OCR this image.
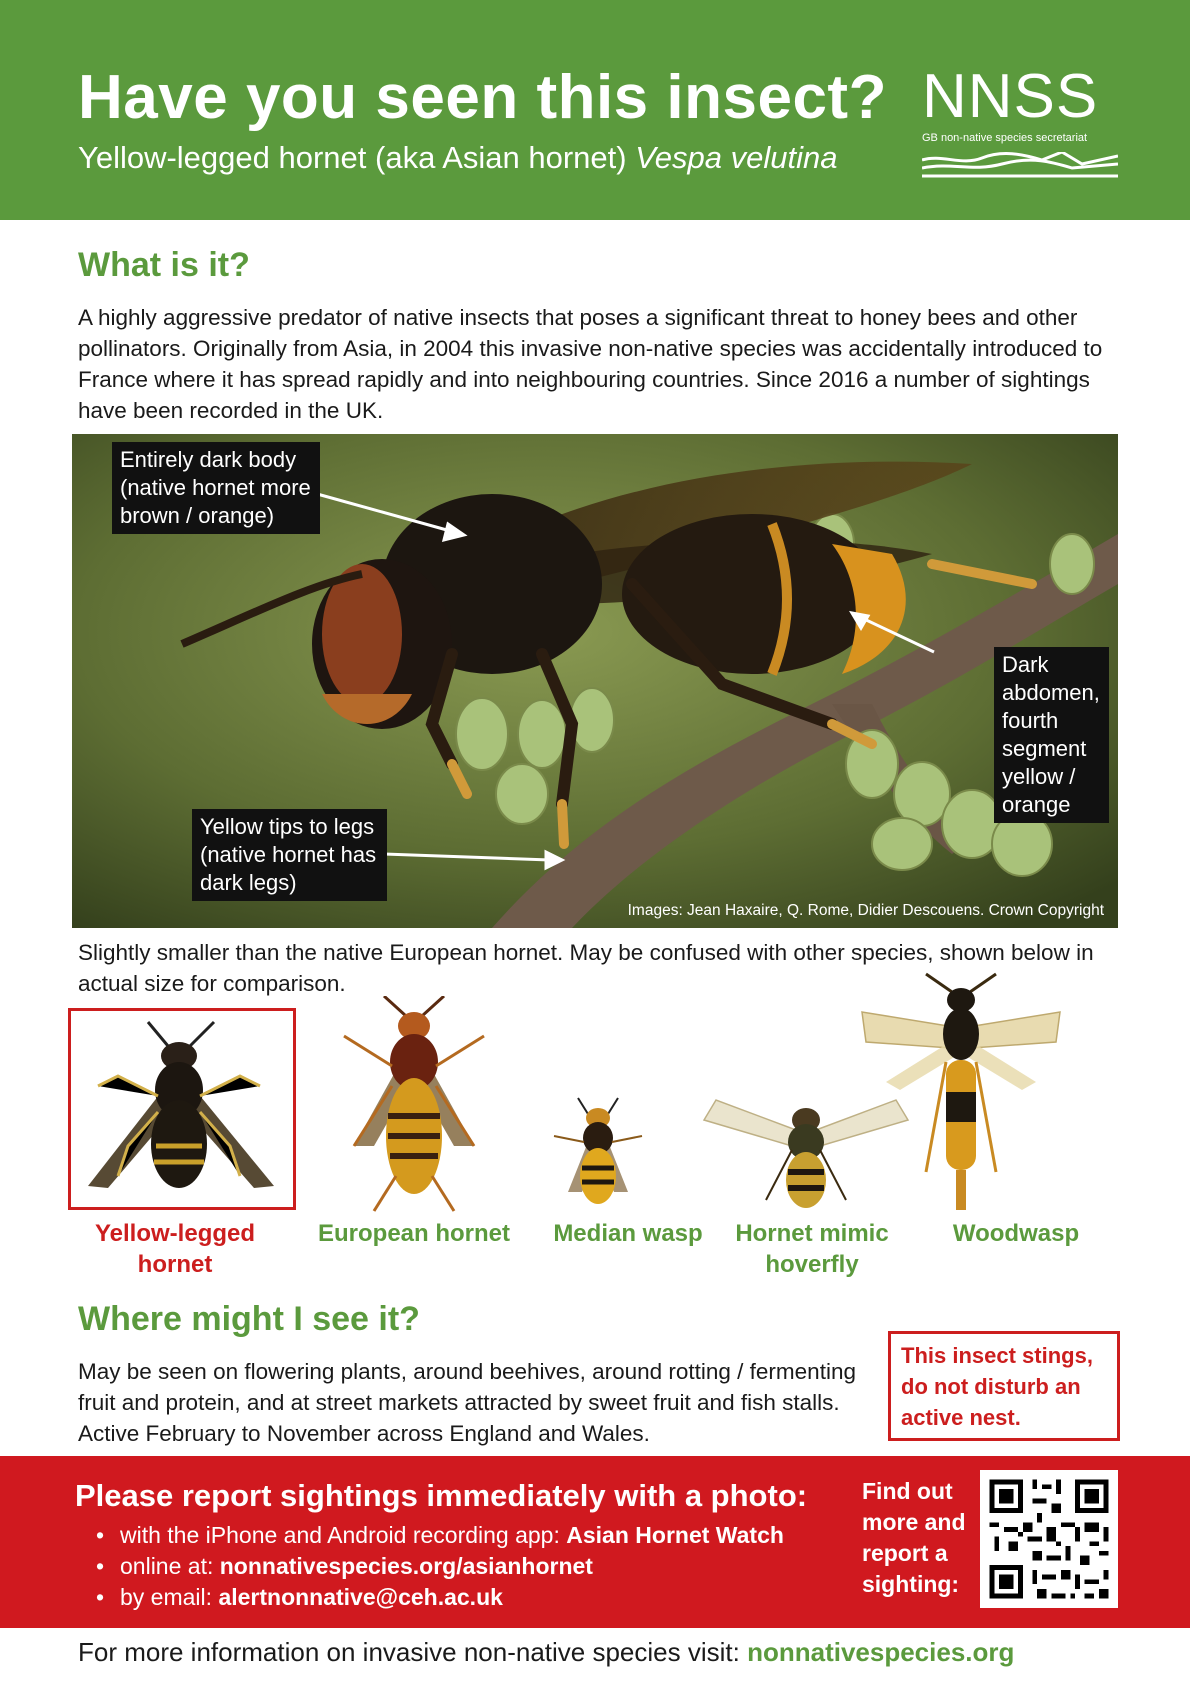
Have you seen this insect?
Yellow-legged hornet (aka Asian hornet) Vespa velutina
NNSS
GB non-native species secretariat
What is it?
A highly aggressive predator of native insects that poses a significant threat to honey bees and other pollinators. Originally from Asia, in 2004 this invasive non-native species was accidentally introduced to France where it has spread rapidly and into neighbouring countries. Since 2016 a number of sightings have been recorded in the UK.
Entirely dark body (native hornet more brown / orange)
Dark abdomen, fourth segment yellow / orange
Yellow tips to legs (native hornet has dark legs)
Images: Jean Haxaire, Q. Rome, Didier Descouens. Crown Copyright
Slightly smaller than the native European hornet. May be confused with other species, shown below in actual size for comparison.
Yellow-legged hornet
European hornet	Median wasp	Hornet mimic hoverfly
Woodwasp
Where might I see it?
May be seen on flowering plants, around beehives, around rotting / fermenting fruit and protein, and at street markets attracted by sweet fruit and fish stalls. Active February to November across England and Wales.
This insect stings, do not disturb an active nest.
Please report sightings immediately with a photo:
• with the iPhone and Android recording app: Asian Hornet Watch
• online at: nonnativespecies.org/asianhornet
• by email: alertnonnative@ceh.ac.uk
Find out more and report a sighting:
For more information on invasive non-native species visit: nonnativespecies.org
